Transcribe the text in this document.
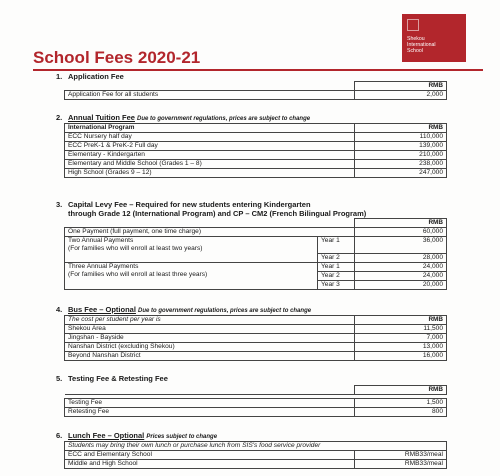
Shekou
International
School
School Fees 2020-21
1. Application Fee
	RMB
Application Fee for all students	2,000
2. Annual Tuition Fee Due to government regulations, prices are subject to change
International Program	RMB
ECC Nursery half day	110,000
ECC PreK-1 & PreK-2 Full day	139,000
Elementary - Kindergarten	210,000
Elementary and Middle School (Grades 1 – 8)	238,000
High School (Grades 9 – 12)	247,000
3. Capital Levy Fee – Required for new students entering Kindergarten
through Grade 12 (International Program) and CP – CM2 (French Bilingual Program)
		RMB
One Payment (full payment, one time charge)		60,000

Two Annual Payments
(For families who will enroll at least two years)	Year 1	36,000
	Year 2	28,000

Three Annual Payments
(For families who will enroll at least three years)	Year 1	24,000
	Year 2	24,000
	Year 3	20,000
4. Bus Fee – Optional Due to government regulations, prices are subject to change
The cost per student per year is	RMB
Shekou Area	11,500
Jingshan - Bayside	7,000
Nanshan District (excluding Shekou)	13,000
Beyond Nanshan District	16,000
5. Testing Fee & Retesting Fee
	RMB

Testing Fee	1,500
Retesting Fee	800
6. Lunch Fee – Optional Prices subject to change
Students may bring their own lunch or purchase lunch from SIS's food service provider	
ECC and Elementary School	RMB33/meal
Middle and High School	RMB33/meal
